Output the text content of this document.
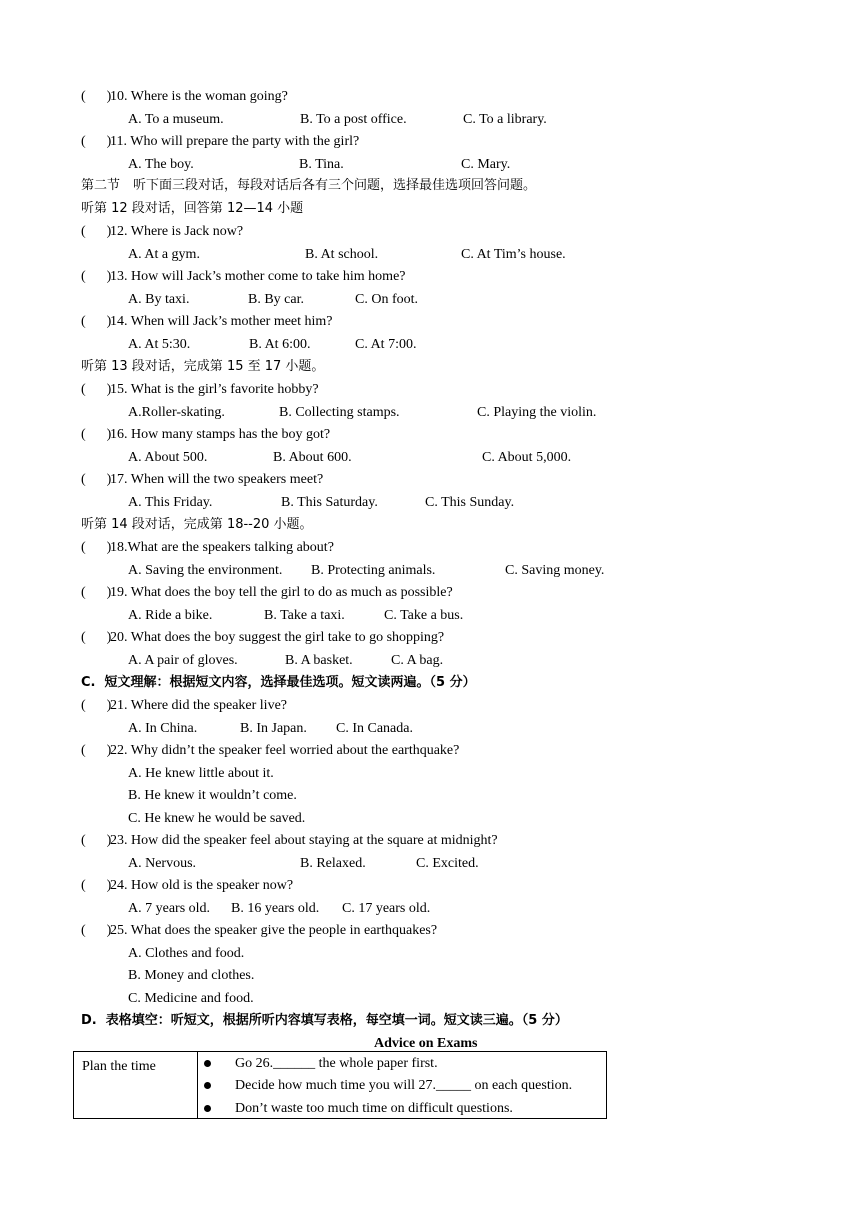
(      )
10. Where is the woman going?
A. To a museum.	B. To a post office.	C. To a library.
(      )
11. Who will prepare the party with the girl?
A. The boy.	B. Tina.	C. Mary.
第二节　听下面三段对话，每段对话后各有三个问题，选择最佳选项回答问题。
听第 12 段对话，回答第 12—14 小题
(      )
12. Where is Jack now?
A. At a gym.	B. At school.	C. At Tim’s house.
(      )
13. How will Jack’s mother come to take him home?
A. By taxi.	B. By car.	C. On foot.
(      )
14. When will Jack’s mother meet him?
A. At 5:30.	B. At 6:00.	C. At 7:00.
听第 13 段对话，完成第 15 至 17 小题。
(      )
15. What is the girl’s favorite hobby?
A.Roller-skating.	B. Collecting stamps.	C. Playing the violin.
(      )
16. How many stamps has the boy got?
A. About 500.	B. About 600.	C. About 5,000.
(      )
17. When will the two speakers meet?
A. This Friday.	B. This Saturday.	C. This Sunday.
听第 14 段对话，完成第 18--20 小题。
(      )
18.What are the speakers talking about?
A. Saving the environment. B. Protecting animals.	C. Saving money.
(      )
19. What does the boy tell the girl to do as much as possible?
A. Ride a bike.	B. Take a taxi.	C. Take a bus.
(      )
20. What does the boy suggest the girl take to go shopping?
A. A pair of gloves.	B. A basket.	C. A bag.
C.  短文理解：根据短文内容，选择最佳选项。短文读两遍。（5 分）
(      )
21. Where did the speaker live?
A. In China.	B. In Japan. C. In Canada.
(      )
22. Why didn’t the speaker feel worried about the earthquake?
A. He knew little about it.
B. He knew it wouldn’t come.
C. He knew he would be saved.
(      )
23. How did the speaker feel about staying at the square at midnight?
A. Nervous.	B. Relaxed.	C. Excited.
(      )
24. How old is the speaker now?
A. 7 years old. B. 16 years old. C. 17 years old.
(      )
25. What does the speaker give the people in earthquakes?
A. Clothes and food.
B. Money and clothes.
C. Medicine and food.
D.  表格填空：听短文，根据所听内容填写表格，每空填一词。短文读三遍。（5 分）
Advice on Exams
Plan the time

	Go 26.______ the whole paper first.

Decide how much time you will 27._____ on each question.

Don’t waste too much time on difficult questions.
